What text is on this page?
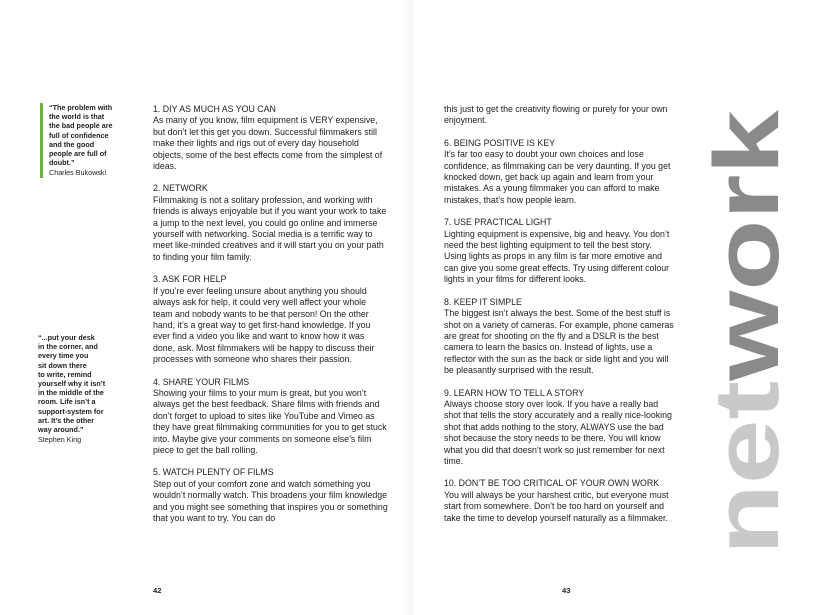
“The problem with
the world is that
the bad people are
full of confidence
and the good
people are full of
doubt.”
Charles Bukowski
“...put your desk
in the corner, and
every time you
sit down there
to write, remind
yourself why it isn’t
in the middle of the
room. Life isn’t a
support-system for
art. It’s the other
way around.”
Stephen King
1. DIY AS MUCH AS YOU CAN

As many of you know, film equipment is VERY expensive, but don’t let this get you down. Successful filmmakers still make their lights and rigs out of every day household objects, some of the best effects come from the simplest of ideas.

2. NETWORK

Filmmaking is not a solitary profession, and working with friends is always enjoyable but if you want your work to take a jump to the next level, you could go online and immerse yourself with networking. Social media is a terrific way to meet like-minded creatives and it will start you on your path to finding your film family.

3. ASK FOR HELP

If you’re ever feeling unsure about anything you should always ask for help, it could very well affect your whole team and nobody wants to be that person! On the other hand, it’s a great way to get first-hand knowledge. If you ever find a video you like and want to know how it was done, ask. Most filmmakers will be happy to discuss their processes with someone who shares their passion.

4. SHARE YOUR FILMS

Showing your films to your mum is great, but you won’t always get the best feedback. Share films with friends and don’t forget to upload to sites like YouTube and Vimeo as they have great filmmaking communities for you to get stuck into. Maybe give your comments on someone else’s film piece to get the ball rolling.

5. WATCH PLENTY OF FILMS

Step out of your comfort zone and watch something you wouldn’t normally watch. This broadens your film knowledge and you might see something that inspires you or something that you want to try. You can do

this just to get the creativity flowing or purely for your own enjoyment.

6. BEING POSITIVE IS KEY

It’s far too easy to doubt your own choices and lose confidence, as filmmaking can be very daunting. If you get knocked down, get back up again and learn from your mistakes. As a young filmmaker you can afford to make mistakes, that’s how people learn.

7. USE PRACTICAL LIGHT

Lighting equipment is expensive, big and heavy. You don’t need the best lighting equipment to tell the best story. Using lights as props in any film is far more emotive and can give you some great effects. Try using different colour lights in your films for different looks.

8. KEEP IT SIMPLE

The biggest isn’t always the best. Some of the best stuff is shot on a variety of cameras. For example, phone cameras are great for shooting on the fly and a DSLR is the best camera to learn the basics on. Instead of lights, use a reflector with the sun as the back or side light and you will be pleasantly surprised with the result.

9. LEARN HOW TO TELL A STORY

Always choose story over look. If you have a really bad shot that tells the story accurately and a really nice-looking shot that adds nothing to the story, ALWAYS use the bad shot because the story needs to be there. You will know what you did that doesn’t work so just remember for next time.

10. DON’T BE TOO CRITICAL OF YOUR OWN WORK

You will always be your harshest critic, but everyone must start from somewhere. Don’t be too hard on yourself and take the time to develop yourself naturally as a filmmaker.

42	43
network
